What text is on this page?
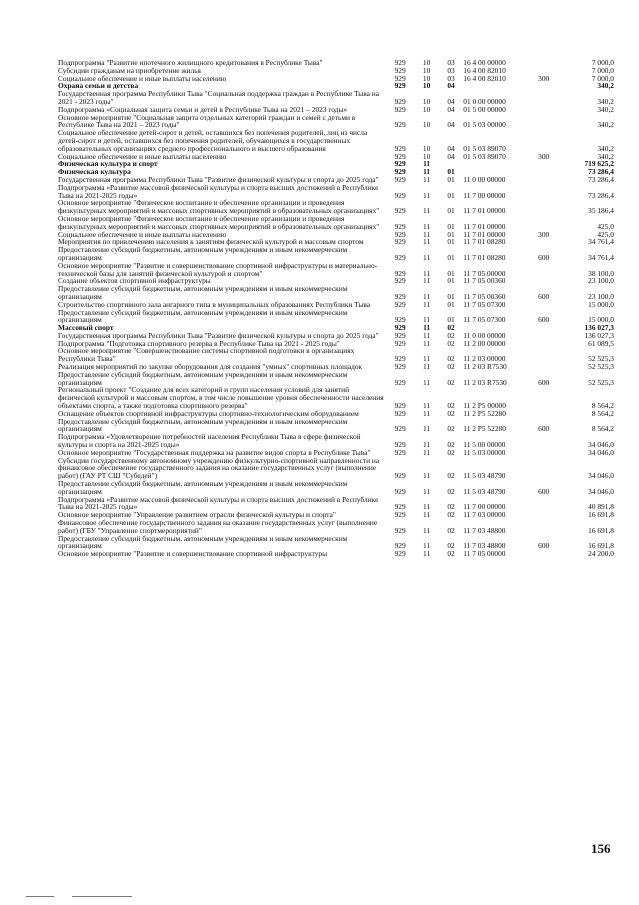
Подпрограмма "Развитие ипотечного жилищного кредитования в Республике Тыва"	929	10	03	16 4 00 00000		7 000,0
Субсидии гражданам на приобретение жилья	929	10	03	16 4 00 82010		7 000,0
Социальное обеспечение и иные выплаты населению	929	10	03	16 4 00 82010	300	7 000,0
Охрана семьи и детства	929	10	04			340,2
Государственная программа Республики Тыва "Социальная поддержка граждан в Республике Тыва на 2021 - 2023 годы"	929	10	04	01 0 00 00000		340,2
Подпрограмма «Социальная защита семьи и детей в Республике Тыва на 2021 – 2023 годы»	929	10	04	01 5 00 00000		340,2
Основное мероприятие "Социальная защита отдельных категорий граждан и семей с детьми в Республике Тыва на 2021 – 2023 годы"	929	10	04	01 5 03 00000		340,2
Социальное обеспечение детей-сирот и детей, оставшихся без попечения родителей, лиц из числа детей-сирот и детей, оставшихся без попечения родителей, обучающихся в государственных образовательных организациях среднего профессионального и высшего образования	929	10	04	01 5 03 89070		340,2
Социальное обеспечение и иные выплаты населению	929	10	04	01 5 03 89070	300	340,2
Физическая культура и спорт	929	11				719 625,2
Физическая культура	929	11	01			73 286,4
Государственная программа Республики Тыва "Развитие физической культуры и спорта до 2025 года"	929	11	01	11 0 00 00000		73 286,4
Подпрограмма «Развитие массовой физической культуры и спорта высших достижений в Республике Тыва на 2021-2025 годы»	929	11	01	11 7 00 00000		73 286,4
Основное мероприятие "Физическое воспитание и обеспечение организации и проведения физкультурных мероприятий и массовых спортивных мероприятий в образовательных организациях"	929	11	01	11 7 01 00000		35 186,4
Основное мероприятие "Физическое воспитание и обеспечение организации и проведения физкультурных мероприятий и массовых спортивных мероприятий в образовательных организациях"	929	11	01	11 7 01 00000		425,0
Социальное обеспечение и иные выплаты населению	929	11	01	11 7 01 00000	300	425,0
Мероприятия по привлечению населения к занятиям физической культурой и массовым спортом	929	11	01	11 7 01 08280		34 761,4
Предоставление субсидий бюджетным, автономным учреждениям и иным некоммерческим организациям	929	11	01	11 7 01 08280	600	34 761,4
Основное мероприятие "Развитие и совершенствование спортивной инфраструктуры и материально-технической базы для занятий физической культурой и спортом"	929	11	01	11 7 05 00000		38 100,0
Создание объектов спортивной инфраструктуры	929	11	01	11 7 05 00360		23 100,0
Предоставление субсидий бюджетным, автономным учреждениям и иным некоммерческим организациям	929	11	01	11 7 05 00360	600	23 100,0
Строительство спортивного зала ангарного типа в муниципальных образованиях Республики Тыва	929	11	01	11 7 05 07300		15 000,0
Предоставление субсидий бюджетным, автономным учреждениям и иным некоммерческим организациям	929	11	01	11 7 05 07300	600	15 000,0
Массовый спорт	929	11	02			136 027,3
Государственная программа Республики Тыва "Развитие физической культуры и спорта до 2025 года"	929	11	02	11 0 00 00000		136 027,3
Подпрограмма "Подготовка спортивного резерва в Республике Тыва на 2021 - 2025 годы"	929	11	02	11 2 00 00000		61 089,5
Основное мероприятие "Совершенствование системы спортивной подготовки в организациях Республики Тыва"	929	11	02	11 2 03 00000		52 525,3
Реализация мероприятий по закупке оборудования для создания "умных" спортивных площадок	929	11	02	11 2 03 R7530		52 525,3
Предоставление субсидий бюджетным, автономным учреждениям и иным некоммерческим организациям	929	11	02	11 2 03 R7530	600	52 525,3
Региональный проект "Создание для всех категорий и групп населения условий для занятий физической культурой и массовым спортом, в том числе повышение уровня обеспеченности населения объектами спорта, а также подготовка спортивного резерва"	929	11	02	11 2 P5 00000		8 564,2
Оснащение объектов спортивной инфраструктуры спортивно-технологическим оборудованием	929	11	02	11 2 P5 52280		8 564,2
Предоставление субсидий бюджетным, автономным учреждениям и иным некоммерческим организациям	929	11	02	11 2 P5 52280	600	8 564,2
Подпрограмма «Удовлетворение потребностей населения Республики Тыва в сфере физической культуры и спорта на 2021-2025 годы»	929	11	02	11 5 00 00000		34 046,0
Основное мероприятие "Государственная поддержка на развитие видов спорта в Республике Тыва"	929	11	02	11 5 03 00000		34 046,0
Субсидии государственному автономному учреждению физкультурно-спортивной направленности на финансовое обеспечение государственного задания на оказание государственных услуг (выполнение работ) (ГАУ РТ СШ "Субедей")	929	11	02	11 5 03 48790		34 046,0
Предоставление субсидий бюджетным, автономным учреждениям и иным некоммерческим организациям	929	11	02	11 5 03 48790	600	34 046,0
Подпрограмма «Развитие массовой физической культуры и спорта высших достижений в Республике Тыва на 2021-2025 годы»	929	11	02	11 7 00 00000		40 891,8
Основное мероприятие "Управление развитием отрасли физической культуры и спорта"	929	11	02	11 7 03 00000		16 691,8
Финансовое обеспечение государственного задания на оказание государственных услуг (выполнение работ) (ГБУ "Управление спортмероприятий"	929	11	02	11 7 03 48800		16 691,8
Предоставление субсидий бюджетным, автономным учреждениям и иным некоммерческим организациям	929	11	02	11 7 03 48800	600	16 691,8
Основное мероприятие "Развитие и совершенствование спортивной инфраструктуры	929	11	02	11 7 05 00000		24 200,0
156
